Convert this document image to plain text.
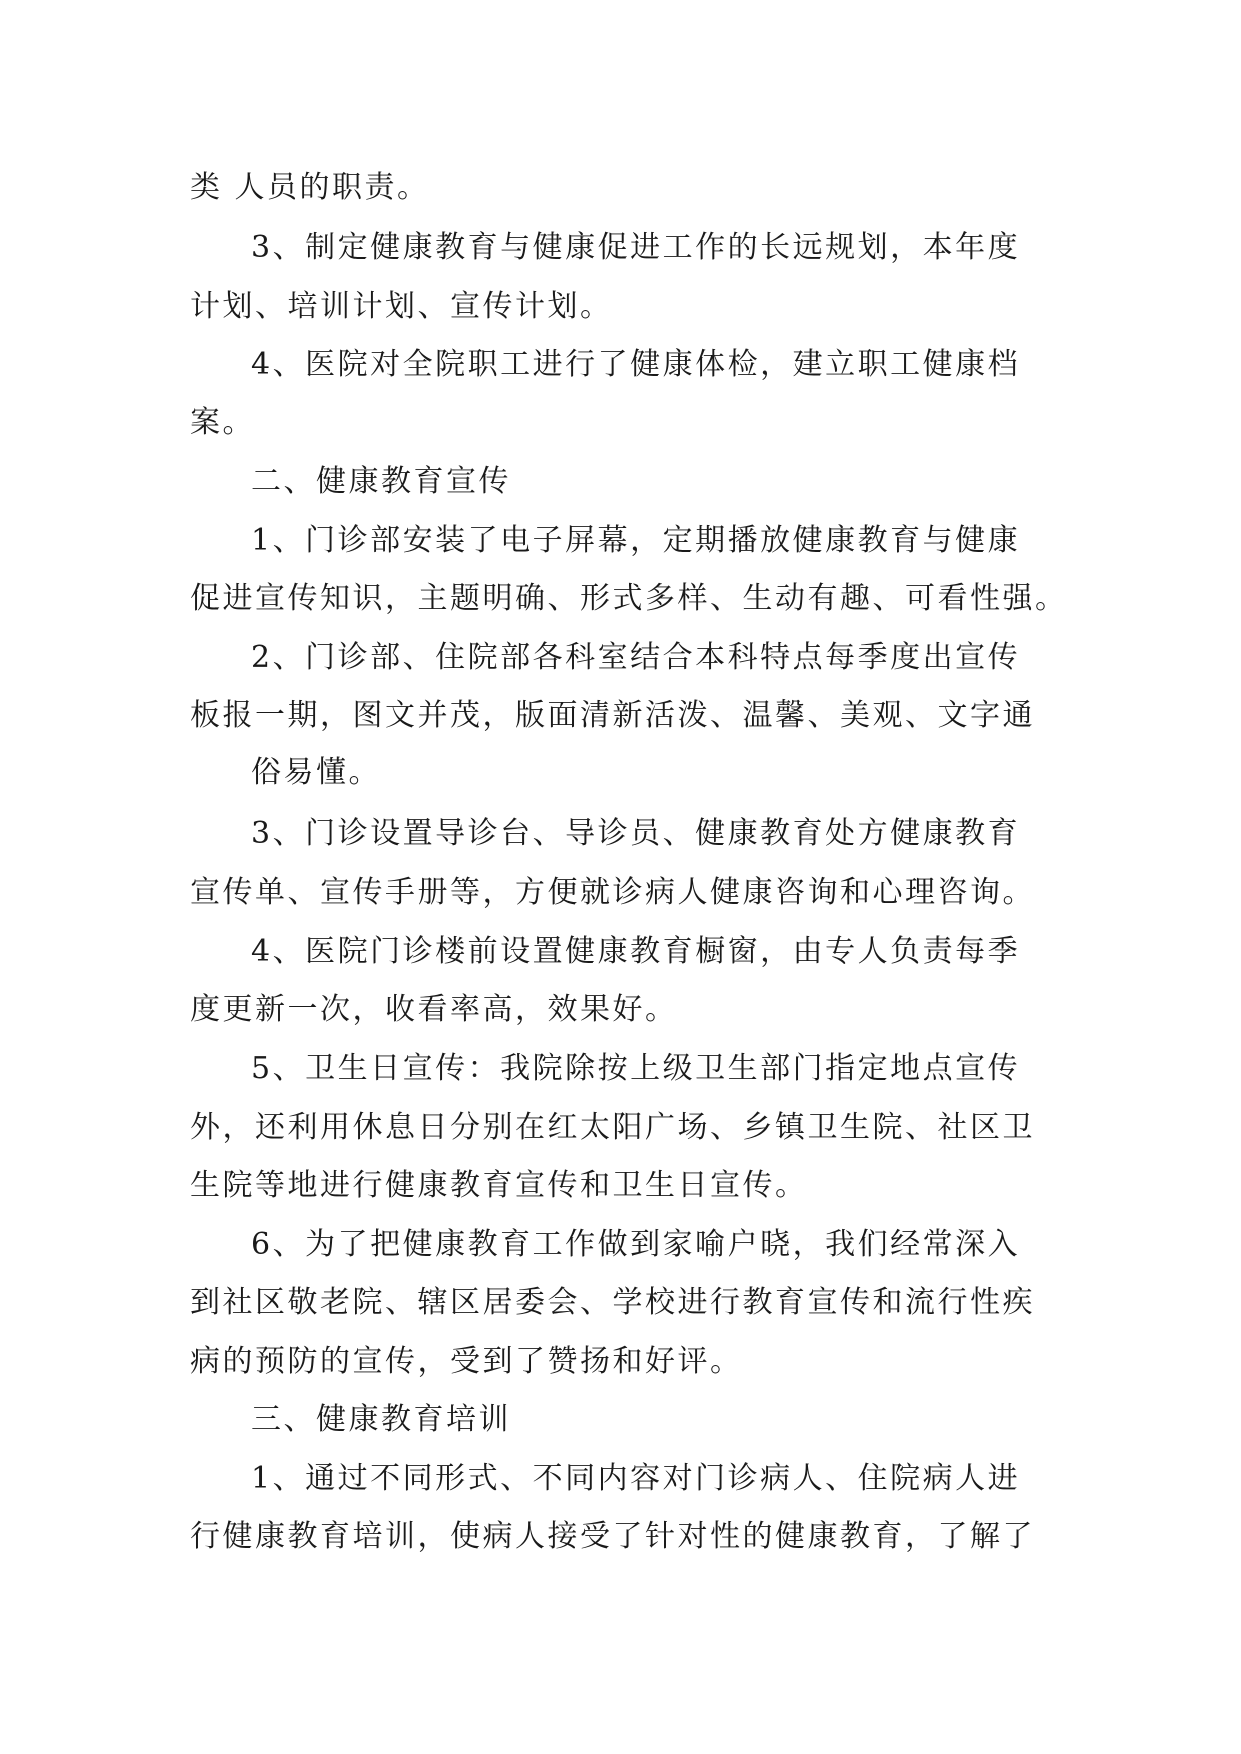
类 人员的职责。
3、制定健康教育与健康促进工作的长远规划，本年度
计划、培训计划、宣传计划。
4、医院对全院职工进行了健康体检，建立职工健康档
案。
二、健康教育宣传
1、门诊部安装了电子屏幕，定期播放健康教育与健康
促进宣传知识，主题明确、形式多样、生动有趣、可看性强。
2、门诊部、住院部各科室结合本科特点每季度出宣传
板报一期，图文并茂，版面清新活泼、温馨、美观、文字通
俗易懂。
3、门诊设置导诊台、导诊员、健康教育处方健康教育
宣传单、宣传手册等，方便就诊病人健康咨询和心理咨询。
4、医院门诊楼前设置健康教育橱窗，由专人负责每季
度更新一次，收看率高，效果好。
5、卫生日宣传：我院除按上级卫生部门指定地点宣传
外，还利用休息日分别在红太阳广场、乡镇卫生院、社区卫
生院等地进行健康教育宣传和卫生日宣传。
6、为了把健康教育工作做到家喻户晓，我们经常深入
到社区敬老院、辖区居委会、学校进行教育宣传和流行性疾
病的预防的宣传，受到了赞扬和好评。
三、健康教育培训
1、通过不同形式、不同内容对门诊病人、住院病人进
行健康教育培训，使病人接受了针对性的健康教育，了解了
